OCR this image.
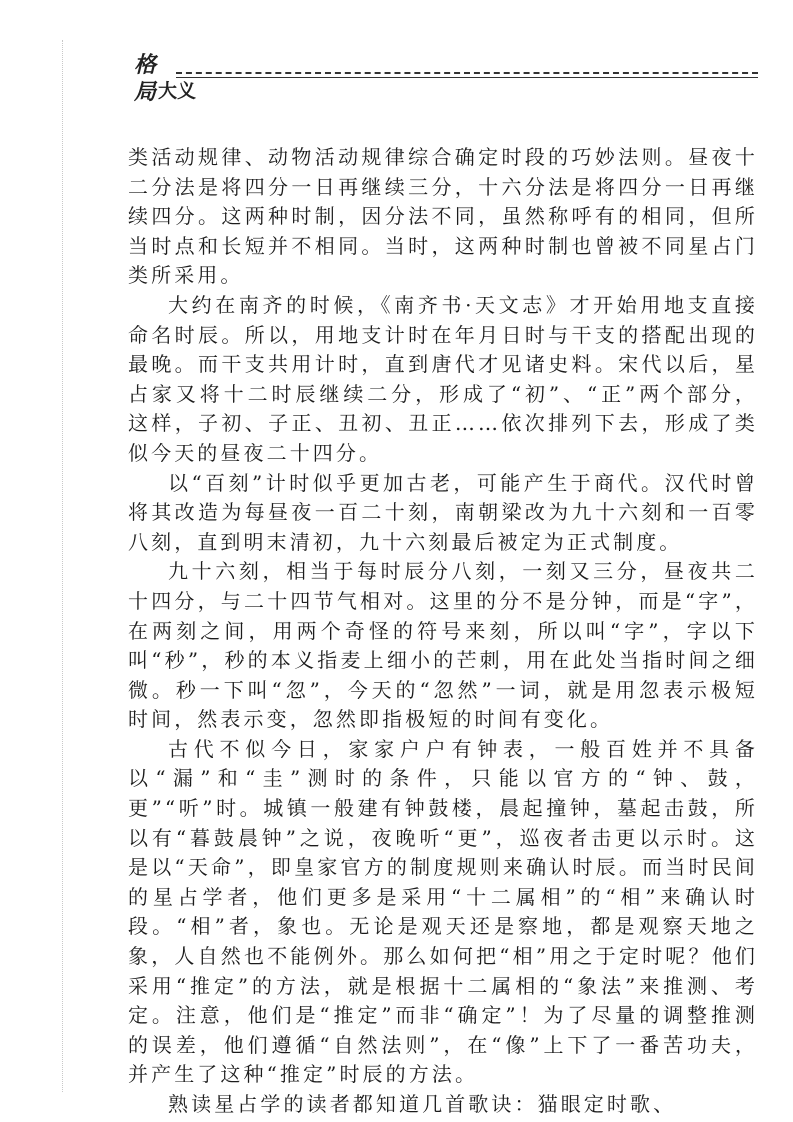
格
局 大义

类活动规律、动物活动规律综合确定时段的巧妙法则。昼夜十二分法是将四分一日再继续三分，十六分法是将四分一日再继续四分。这两种时制，因分法不同，虽然称呼有的相同，但所当时点和长短并不相同。当时，这两种时制也曾被不同星占门类所采用。

大约在南齐的时候，《南齐书·天文志》才开始用地支直接命名时辰。所以，用地支计时在年月日时与干支的搭配出现的最晚。而干支共用计时，直到唐代才见诸史料。宋代以后，星占家又将十二时辰继续二分，形成了“初”、“正”两个部分，这样，子初、子正、丑初、丑正……依次排列下去，形成了类似今天的昼夜二十四分。

以“百刻”计时似乎更加古老，可能产生于商代。汉代时曾将其改造为每昼夜一百二十刻，南朝梁改为九十六刻和一百零八刻，直到明末清初，九十六刻最后被定为正式制度。

九十六刻，相当于每时辰分八刻，一刻又三分，昼夜共二十四分，与二十四节气相对。这里的分不是分钟，而是“字”，在两刻之间，用两个奇怪的符号来刻，所以叫“字”，字以下叫“秒”，秒的本义指麦上细小的芒刺，用在此处当指时间之细微。秒一下叫“忽”，今天的“忽然”一词，就是用忽表示极短时间，然表示变，忽然即指极短的时间有变化。

古代不似今日，家家户户有钟表，一般百姓并不具备以“漏”和“圭”测时的条件，只能以官方的“钟、鼓，更”“听”时。城镇一般建有钟鼓楼，晨起撞钟，墓起击鼓，所以有“暮鼓晨钟”之说，夜晚听“更”，巡夜者击更以示时。这是以“天命”，即皇家官方的制度规则来确认时辰。而当时民间的星占学者，他们更多是采用“十二属相”的“相”来确认时段。“相”者，象也。无论是观天还是察地，都是观察天地之象，人自然也不能例外。那么如何把“相”用之于定时呢？他们采用“推定”的方法，就是根据十二属相的“象法”来推测、考定。注意，他们是“推定”而非“确定”！为了尽量的调整推测的误差，他们遵循“自然法则”，在“像”上下了一番苦功夫，并产生了这种“推定”时辰的方法。

熟读星占学的读者都知道几首歌诀：猫眼定时歌、
